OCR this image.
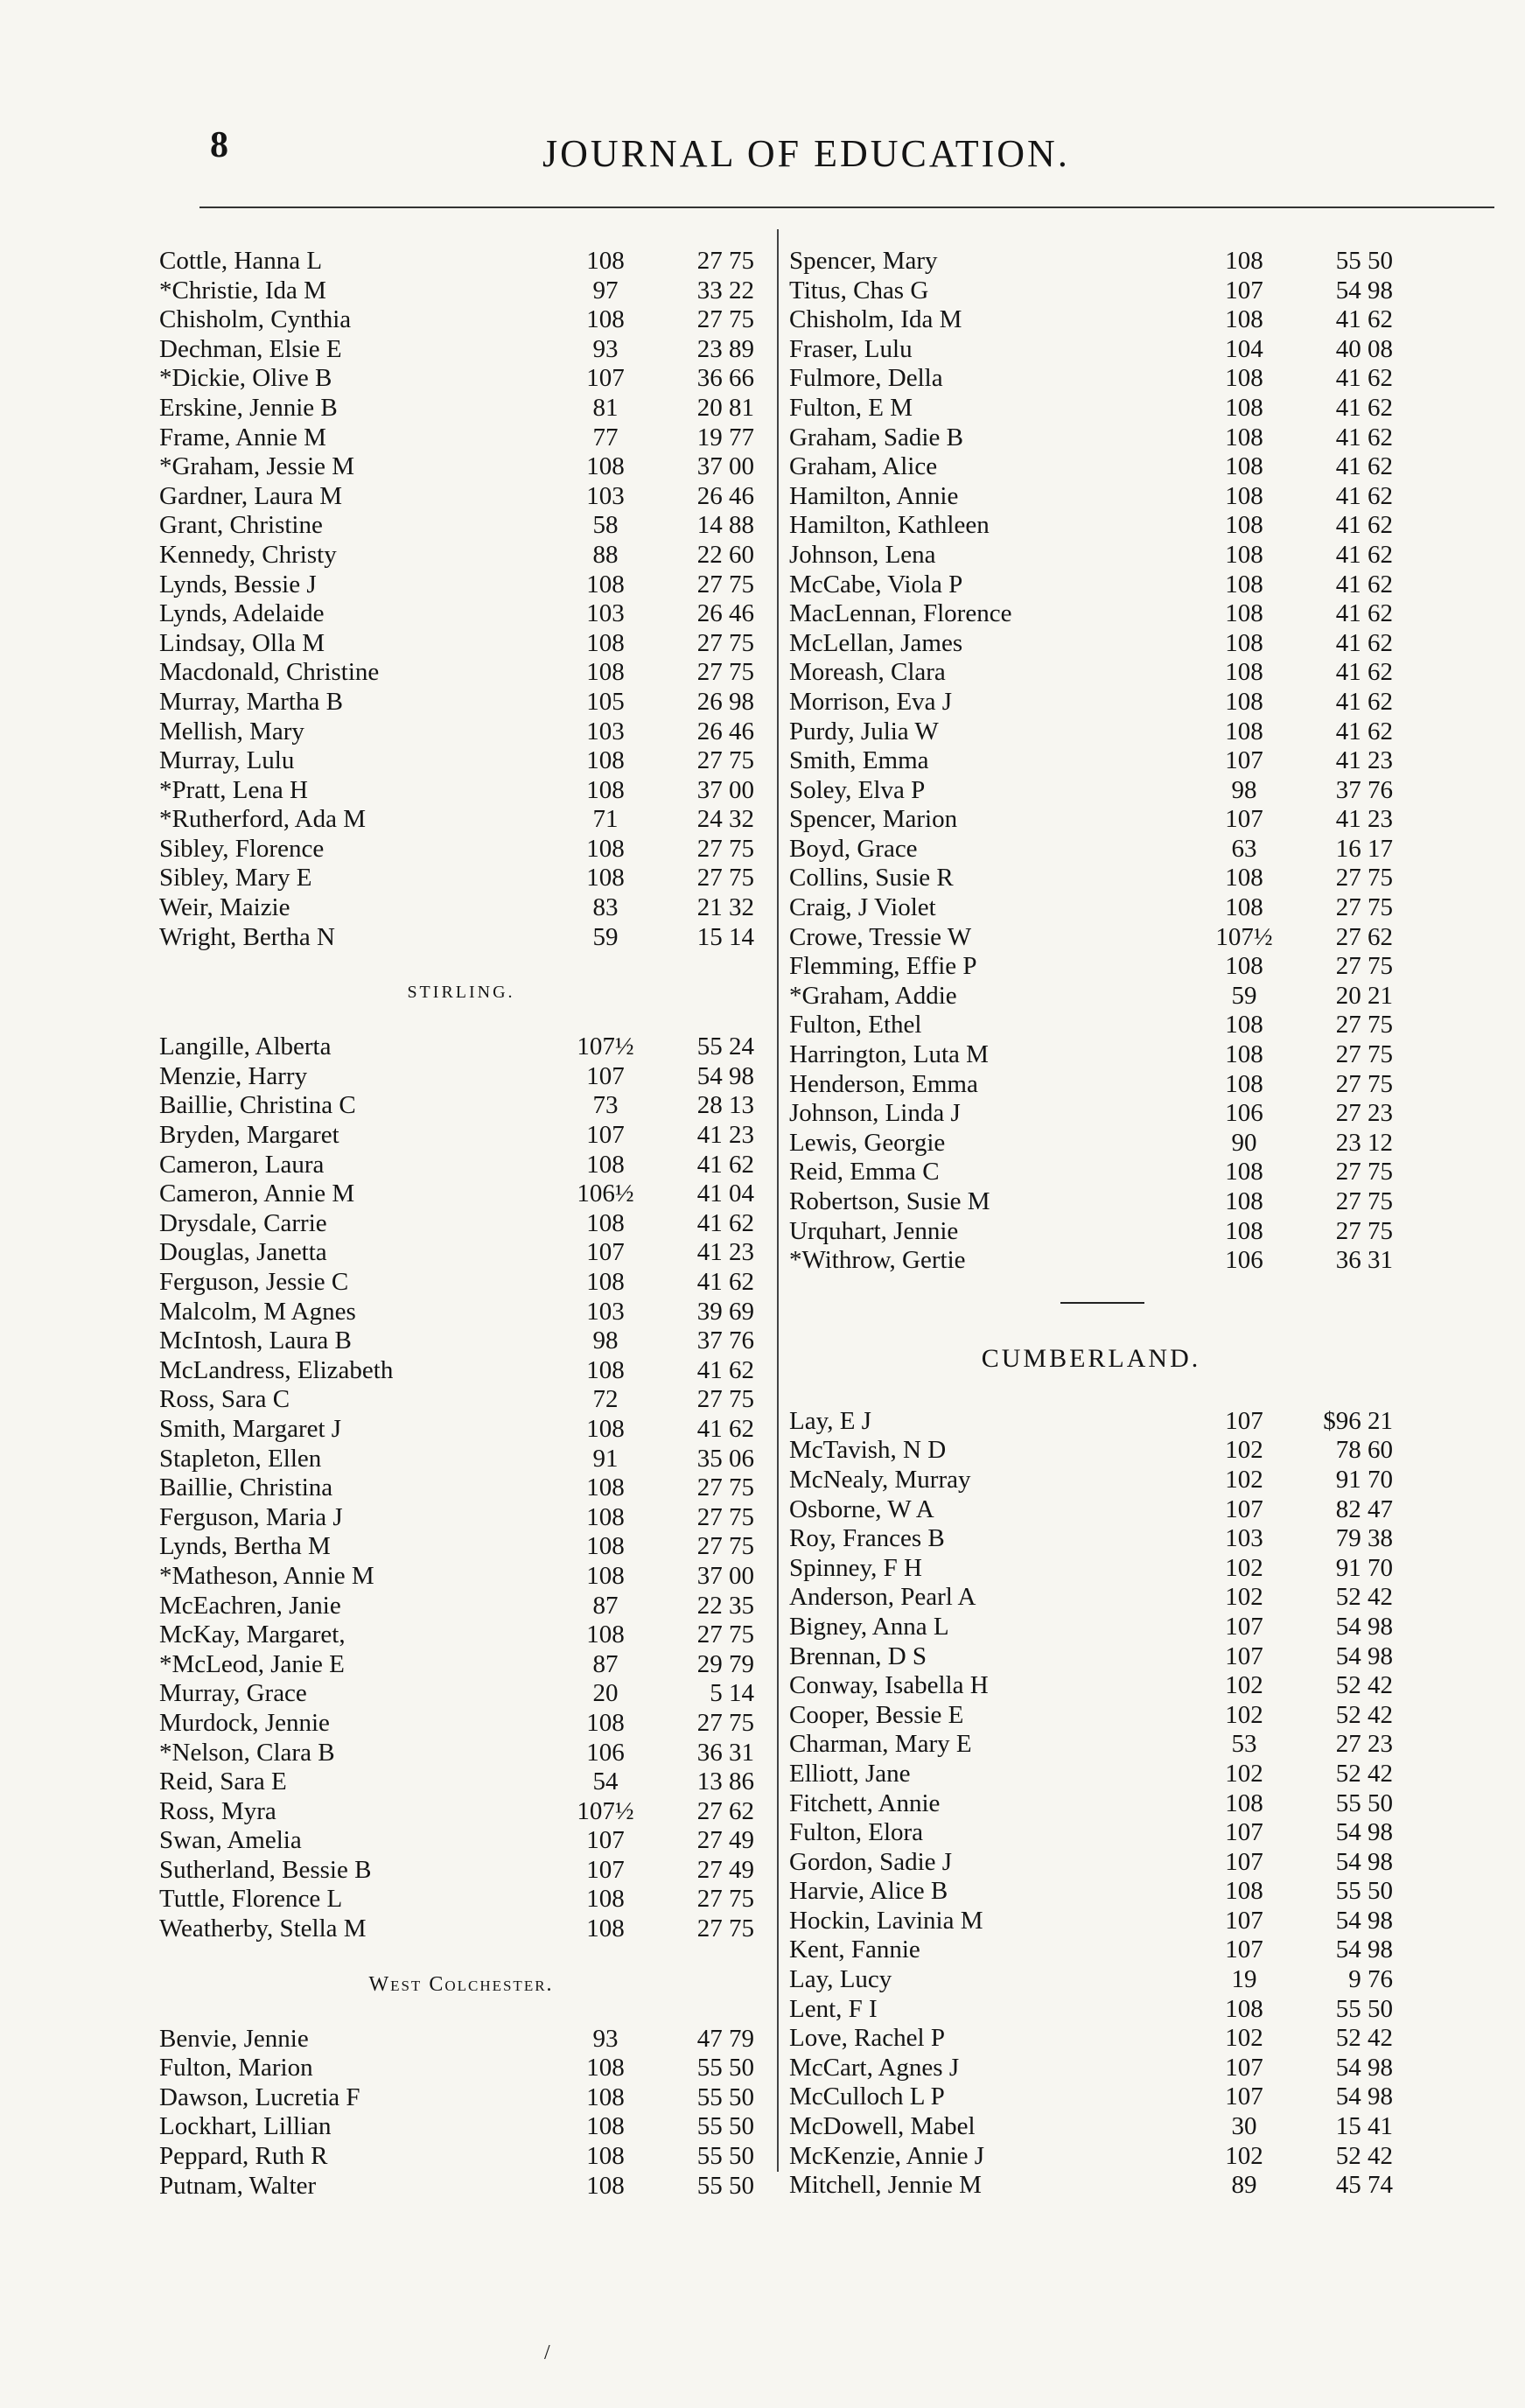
8	JOURNAL OF EDUCATION.
Cottle, Hanna L	108	27 75
*Christie, Ida M	97	33 22
Chisholm, Cynthia	108	27 75
Dechman, Elsie E	93	23 89
*Dickie, Olive B	107	36 66
Erskine, Jennie B	81	20 81
Frame, Annie M	77	19 77
*Graham, Jessie M	108	37 00
Gardner, Laura M	103	26 46
Grant, Christine	58	14 88
Kennedy, Christy	88	22 60
Lynds, Bessie J	108	27 75
Lynds, Adelaide	103	26 46
Lindsay, Olla M	108	27 75
Macdonald, Christine	108	27 75
Murray, Martha B	105	26 98
Mellish, Mary	103	26 46
Murray, Lulu	108	27 75
*Pratt, Lena H	108	37 00
*Rutherford, Ada M	71	24 32
Sibley, Florence	108	27 75
Sibley, Mary E	108	27 75
Weir, Maizie	83	21 32
Wright, Bertha N	59	15 14
STIRLING.
Langille, Alberta	107½	55 24
Menzie, Harry	107	54 98
Baillie, Christina C	73	28 13
Bryden, Margaret	107	41 23
Cameron, Laura	108	41 62
Cameron, Annie M	106½	41 04
Drysdale, Carrie	108	41 62
Douglas, Janetta	107	41 23
Ferguson, Jessie C	108	41 62
Malcolm, M Agnes	103	39 69
McIntosh, Laura B	98	37 76
McLandress, Elizabeth	108	41 62
Ross, Sara C	72	27 75
Smith, Margaret J	108	41 62
Stapleton, Ellen	91	35 06
Baillie, Christina	108	27 75
Ferguson, Maria J	108	27 75
Lynds, Bertha M	108	27 75
*Matheson, Annie M	108	37 00
McEachren, Janie	87	22 35
McKay, Margaret,	108	27 75
*McLeod, Janie E	87	29 79
Murray, Grace	20	5 14
Murdock, Jennie	108	27 75
*Nelson, Clara B	106	36 31
Reid, Sara E	54	13 86
Ross, Myra	107½	27 62
Swan, Amelia	107	27 49
Sutherland, Bessie B	107	27 49
Tuttle, Florence L	108	27 75
Weatherby, Stella M	108	27 75
West Colchester.
Benvie, Jennie	93	47 79
Fulton, Marion	108	55 50
Dawson, Lucretia F	108	55 50
Lockhart, Lillian	108	55 50
Peppard, Ruth R	108	55 50
Putnam, Walter	108	55 50
Spencer, Mary	108	55 50
Titus, Chas G	107	54 98
Chisholm, Ida M	108	41 62
Fraser, Lulu	104	40 08
Fulmore, Della	108	41 62
Fulton, E M	108	41 62
Graham, Sadie B	108	41 62
Graham, Alice	108	41 62
Hamilton, Annie	108	41 62
Hamilton, Kathleen	108	41 62
Johnson, Lena	108	41 62
McCabe, Viola P	108	41 62
MacLennan, Florence	108	41 62
McLellan, James	108	41 62
Moreash, Clara	108	41 62
Morrison, Eva J	108	41 62
Purdy, Julia W	108	41 62
Smith, Emma	107	41 23
Soley, Elva P	98	37 76
Spencer, Marion	107	41 23
Boyd, Grace	63	16 17
Collins, Susie R	108	27 75
Craig, J Violet	108	27 75
Crowe, Tressie W	107½	27 62
Flemming, Effie P	108	27 75
*Graham, Addie	59	20 21
Fulton, Ethel	108	27 75
Harrington, Luta M	108	27 75
Henderson, Emma	108	27 75
Johnson, Linda J	106	27 23
Lewis, Georgie	90	23 12
Reid, Emma C	108	27 75
Robertson, Susie M	108	27 75
Urquhart, Jennie	108	27 75
*Withrow, Gertie	106	36 31
CUMBERLAND.
Lay, E J	107	$96 21
McTavish, N D	102	78 60
McNealy, Murray	102	91 70
Osborne, W A	107	82 47
Roy, Frances B	103	79 38
Spinney, F H	102	91 70
Anderson, Pearl A	102	52 42
Bigney, Anna L	107	54 98
Brennan, D S	107	54 98
Conway, Isabella H	102	52 42
Cooper, Bessie E	102	52 42
Charman, Mary E	53	27 23
Elliott, Jane	102	52 42
Fitchett, Annie	108	55 50
Fulton, Elora	107	54 98
Gordon, Sadie J	107	54 98
Harvie, Alice B	108	55 50
Hockin, Lavinia M	107	54 98
Kent, Fannie	107	54 98
Lay, Lucy	19	9 76
Lent, F I	108	55 50
Love, Rachel P	102	52 42
McCart, Agnes J	107	54 98
McCulloch L P	107	54 98
McDowell, Mabel	30	15 41
McKenzie, Annie J	102	52 42
Mitchell, Jennie M	89	45 74
/
